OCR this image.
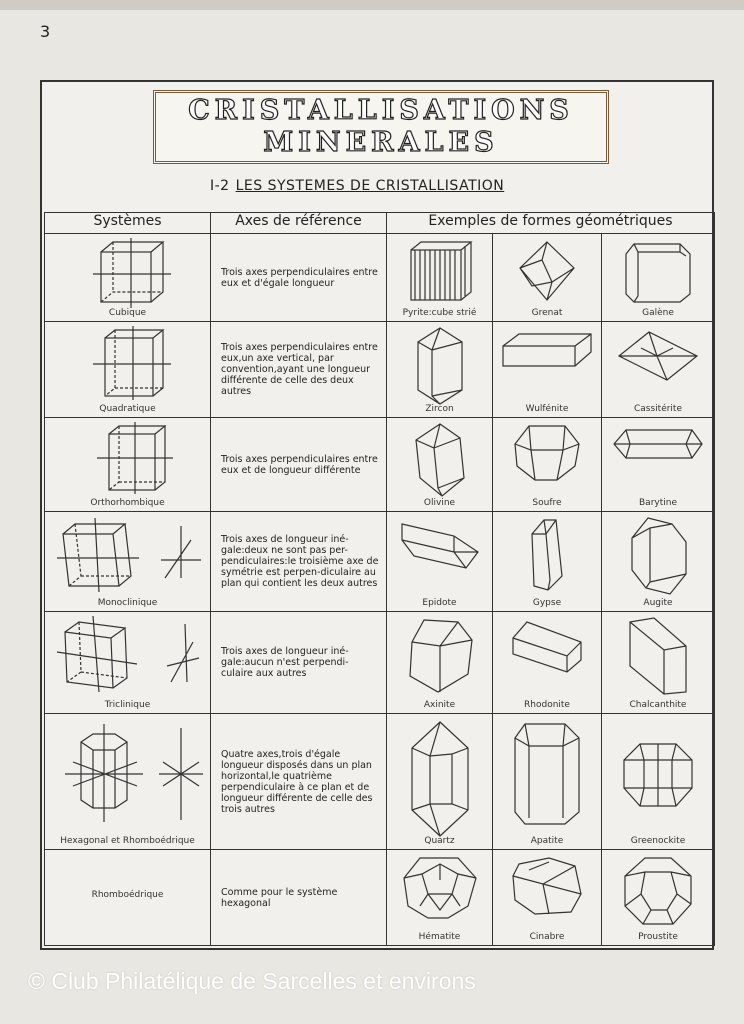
3
CRISTALLISATIONS
MINERALES
I-2 LES SYSTEMES DE CRISTALLISATION
Systèmes	Axes de référence	Exemples de formes géométriques		

Cubique	Trois axes perpendiculaires entre eux et d'égale longueur	Pyrite:cube strié	Grenat	Galène

Quadratique	Trois axes perpendiculaires entre eux,un axe vertical, par convention,ayant une longueur différente de celle des deux autres	Zircon	Wulfénite	Cassitérite

Orthorhombique	Trois axes perpendiculaires entre eux et de longueur différente	Olivine	Soufre	Barytine

Monoclinique	Trois axes de longueur iné-gale:deux ne sont pas per-pendiculaires:le troisième axe de symétrie est perpen-diculaire au plan qui contient les deux autres	Epidote	Gypse	Augite

Triclinique	Trois axes de longueur iné-gale:aucun n'est perpendi-culaire aux autres	Axinite	Rhodonite	Chalcanthite

Hexagonal et Rhomboédrique	Quatre axes,trois d'égale longueur disposés dans un plan horizontal,le quatrième perpendiculaire à ce plan et de longueur différente de celle des trois autres	Quartz	Apatite	Greenockite

Rhomboédrique	Comme pour le système hexagonal	Hématite	Cinabre	Proustite
© Club Philatélique de Sarcelles et environs
